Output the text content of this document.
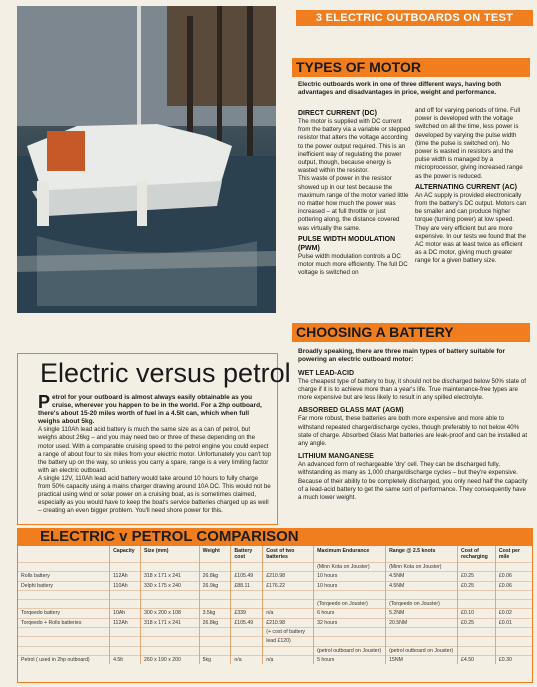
3 ELECTRIC OUTBOARDS ON TEST
TYPES OF MOTOR
Electric outboards work in one of three different ways, having both advantages and disadvantages in price, weight and performance.
DIRECT CURRENT (DC)

The motor is supplied with DC current from the battery via a variable or stepped resistor that alters the voltage according to the power output required. This is an inefficient way of regulating the power output, though, because energy is wasted within the resistor.

This waste of power in the resistor showed up in our test because the maximum range of the motor varied little no matter how much the power was increased – at full throttle or just pottering along, the distance covered was virtually the same.

PULSE WIDTH MODULATION (PWM)

Pulse width modulation controls a DC motor much more efficiently. The full DC voltage is switched on

and off for varying periods of time. Full power is developed with the voltage switched on all the time, less power is developed by varying the pulse width (time the pulse is switched on). No power is wasted in resistors and the pulse width is managed by a microprocessor, giving increased range as the power is reduced.

ALTERNATING CURRENT (AC)

An AC supply is provided electronically from the battery's DC output. Motors can be smaller and can produce higher torque (turning power) at low speed. They are very efficient but are more expensive. In our tests we found that the AC motor was at least twice as efficient as a DC motor, giving much greater range for a given battery size.

CHOOSING A BATTERY

Broadly speaking, there are three main types of battery suitable for powering an electric outboard motor:

WET LEAD-ACID

The cheapest type of battery to buy, it should not be discharged below 50% state of charge if it is to achieve more than a year's life. True maintenance-free types are more expensive but are less likely to result in any spilled electrolyte.

ABSORBED GLASS MAT (AGM)

Far more robust, these batteries are both more expensive and more able to withstand repeated charge/discharge cycles, though preferably to not below 40% state of charge. Absorbed Glass Mat batteries are leak-proof and can be installed at any angle.

LITHIUM MANGANESE

An advanced form of rechargeable 'dry' cell. They can be discharged fully, withstanding as many as 1,000 charge/discharge cycles – but they're expensive. Because of their ability to be completely discharged, you only need half the capacity of a lead-acid battery to get the same sort of performance. They consequently have a much lower weight.

Electric versus petrol

Petrol for your outboard is almost always easily obtainable as you cruise, wherever you happen to be in the world. For a 2hp outboard, there's about 15-20 miles worth of fuel in a 4.5lt can, which when full weighs about 5kg.

A single 110Ah lead acid battery is much the same size as a can of petrol, but weighs about 26kg – and you may need two or three of these depending on the motor used. With a comparable cruising speed to the petrol engine you could expect a range of about four to six miles from your electric motor. Unfortunately you can't top the battery up on the way, so unless you carry a spare, range is a very limiting factor with an electric outboard.

A single 12V, 110Ah lead acid battery would take around 10 hours to fully charge from 50% capacity using a mains charger drawing around 10A DC. This would not be practical using wind or solar power on a cruising boat, as is sometimes claimed, especially as you would have to keep the boat's service batteries charged up as well – creating an even bigger problem. You'll need shore power for this.

ELECTRIC v PETROL COMPARISON
	Capacity	Size (mm)	Weight	Battery cost	Cost of two batteries	Maximum Endurance	Range @ 2.5 knots	Cost of recharging	Cost per mile
						(Minn Kota on Jouster)	(Minn Kota on Jouster)		
Rolls battery	112Ah	318 x 171 x 241	26.8kg	£105.49	£210.98	10 hours	4.5NM	£0.25	£0.06
Delphi battery	110Ah	330 x 175 x 240	26.9kg	£88.11	£176.22	10 hours	4.5NM	£0.25	£0.06

						(Torqeedo on Jouster)	(Torqeedo on Jouster)		
Torqeedo battery	10Ah	300 x 200 x 108	3.5kg	£339	n/a	6 hours	5.2NM	£0.10	£0.02
Torqeedo + Rolls batteries	112Ah	318 x 171 x 241	26.8kg	£105.49	£210.98	32 hours	20.5NM	£0.25	£0.01
					(+ cost of battery				
					lead £120)				
						(petrol outboard on Jouster)	(petrol outboard on Jouster)		
Petrol ( used in 2hp outboard)	4.5lt	260 x 190 x 200	5kg	n/a	n/a	5 hours	15NM	£4.50	£0.30
